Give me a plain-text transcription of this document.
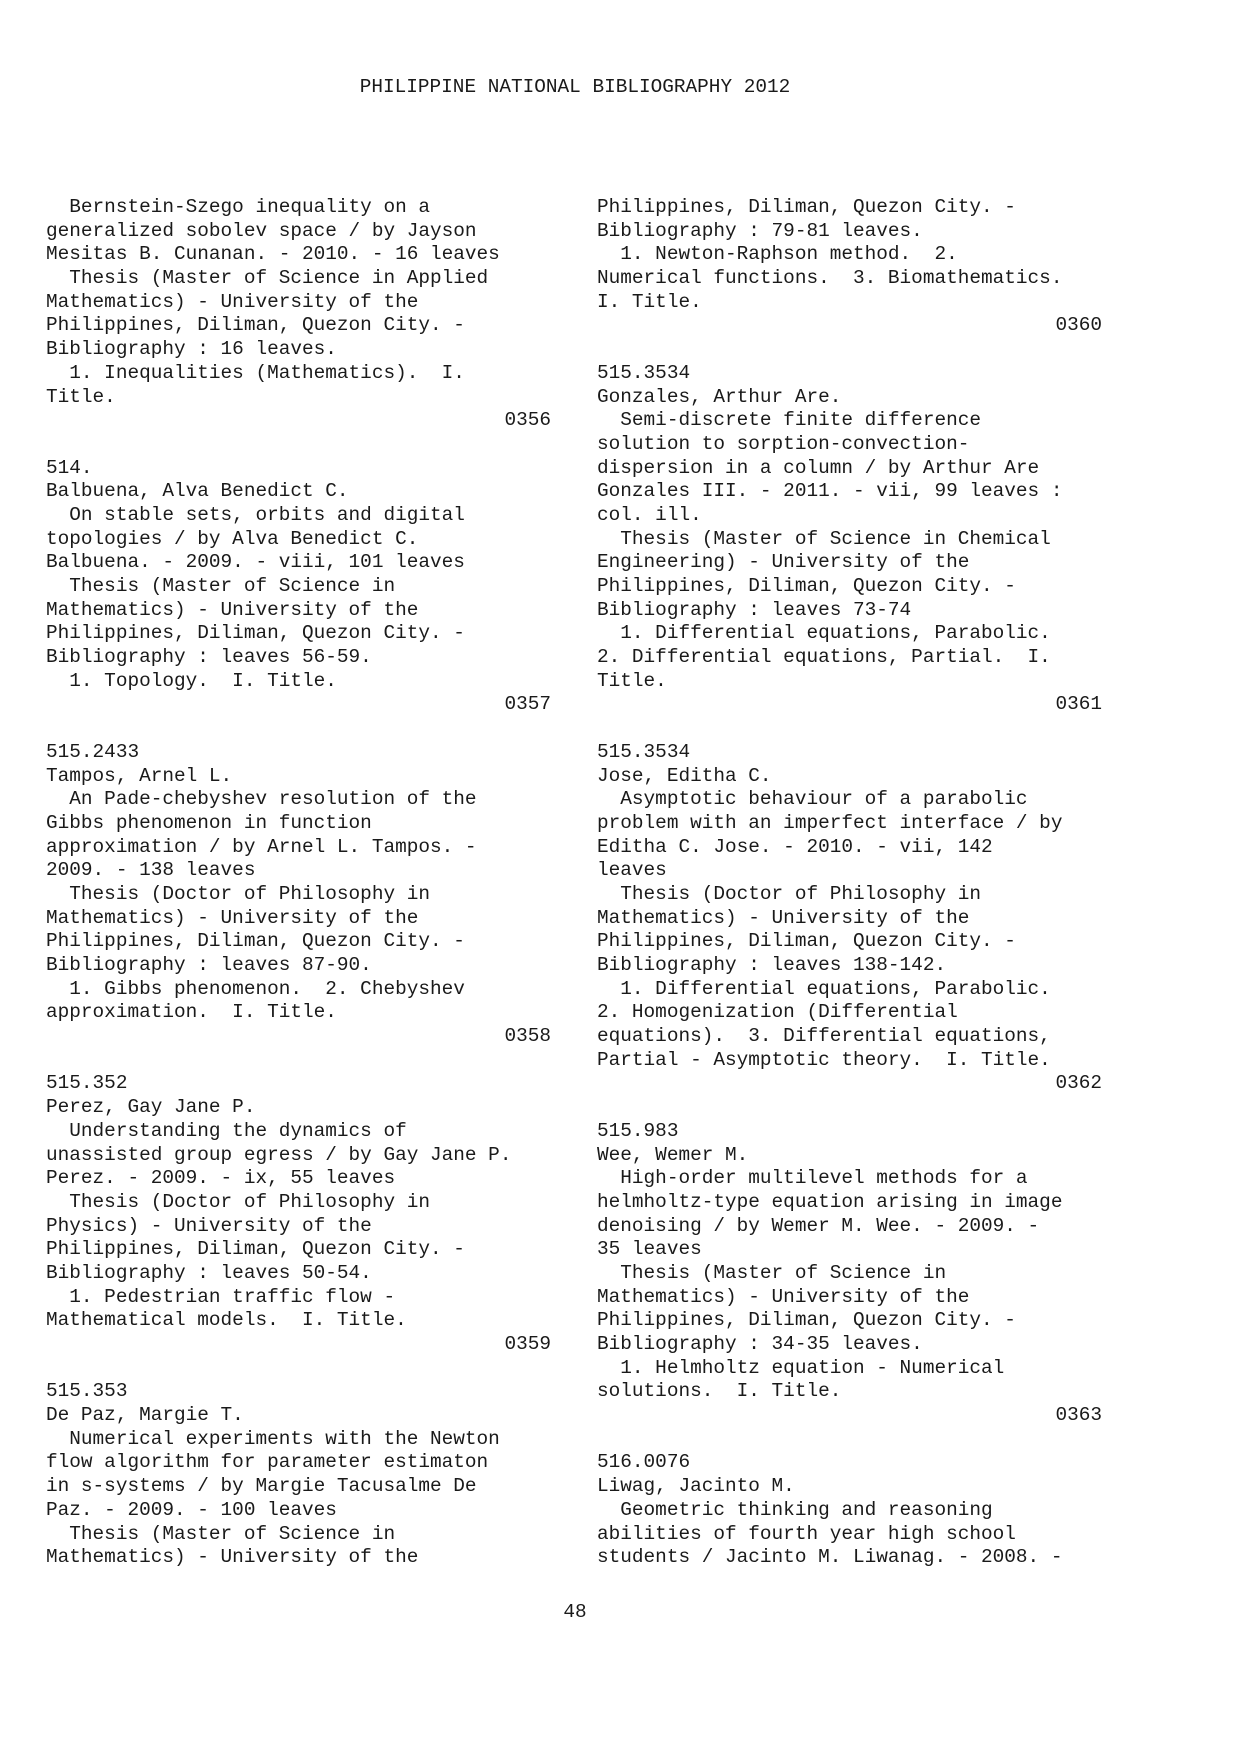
PHILIPPINE NATIONAL BIBLIOGRAPHY 2012
Bernstein-Szego inequality on a
generalized sobolev space / by Jayson
Mesitas B. Cunanan. - 2010. - 16 leaves
Thesis (Master of Science in Applied
Mathematics) - University of the
Philippines, Diliman, Quezon City. -
Bibliography : 16 leaves.
1. Inequalities (Mathematics).  I.
Title.
0356
514.
Balbuena, Alva Benedict C.
On stable sets, orbits and digital
topologies / by Alva Benedict C.
Balbuena. - 2009. - viii, 101 leaves
Thesis (Master of Science in
Mathematics) - University of the
Philippines, Diliman, Quezon City. -
Bibliography : leaves 56-59.
1. Topology.  I. Title.
0357
515.2433
Tampos, Arnel L.
An Pade-chebyshev resolution of the
Gibbs phenomenon in function
approximation / by Arnel L. Tampos. -
2009. - 138 leaves
Thesis (Doctor of Philosophy in
Mathematics) - University of the
Philippines, Diliman, Quezon City. -
Bibliography : leaves 87-90.
1. Gibbs phenomenon.  2. Chebyshev
approximation.  I. Title.
0358
515.352
Perez, Gay Jane P.
Understanding the dynamics of
unassisted group egress / by Gay Jane P.
Perez. - 2009. - ix, 55 leaves
Thesis (Doctor of Philosophy in
Physics) - University of the
Philippines, Diliman, Quezon City. -
Bibliography : leaves 50-54.
1. Pedestrian traffic flow -
Mathematical models.  I. Title.
0359
515.353
De Paz, Margie T.
Numerical experiments with the Newton
flow algorithm for parameter estimaton
in s-systems / by Margie Tacusalme De
Paz. - 2009. - 100 leaves
Thesis (Master of Science in
Mathematics) - University of the
Philippines, Diliman, Quezon City. -
Bibliography : 79-81 leaves.
1. Newton-Raphson method.  2.
Numerical functions.  3. Biomathematics.
I. Title.
0360
515.3534
Gonzales, Arthur Are.
Semi-discrete finite difference
solution to sorption-convection-
dispersion in a column / by Arthur Are
Gonzales III. - 2011. - vii, 99 leaves :
col. ill.
Thesis (Master of Science in Chemical
Engineering) - University of the
Philippines, Diliman, Quezon City. -
Bibliography : leaves 73-74
1. Differential equations, Parabolic.
2. Differential equations, Partial.  I.
Title.
0361
515.3534
Jose, Editha C.
Asymptotic behaviour of a parabolic
problem with an imperfect interface / by
Editha C. Jose. - 2010. - vii, 142
leaves
Thesis (Doctor of Philosophy in
Mathematics) - University of the
Philippines, Diliman, Quezon City. -
Bibliography : leaves 138-142.
1. Differential equations, Parabolic.
2. Homogenization (Differential
equations).  3. Differential equations,
Partial - Asymptotic theory.  I. Title.
0362
515.983
Wee, Wemer M.
High-order multilevel methods for a
helmholtz-type equation arising in image
denoising / by Wemer M. Wee. - 2009. -
35 leaves
Thesis (Master of Science in
Mathematics) - University of the
Philippines, Diliman, Quezon City. -
Bibliography : 34-35 leaves.
1. Helmholtz equation - Numerical
solutions.  I. Title.
0363
516.0076
Liwag, Jacinto M.
Geometric thinking and reasoning
abilities of fourth year high school
students / Jacinto M. Liwanag. - 2008. -
48
